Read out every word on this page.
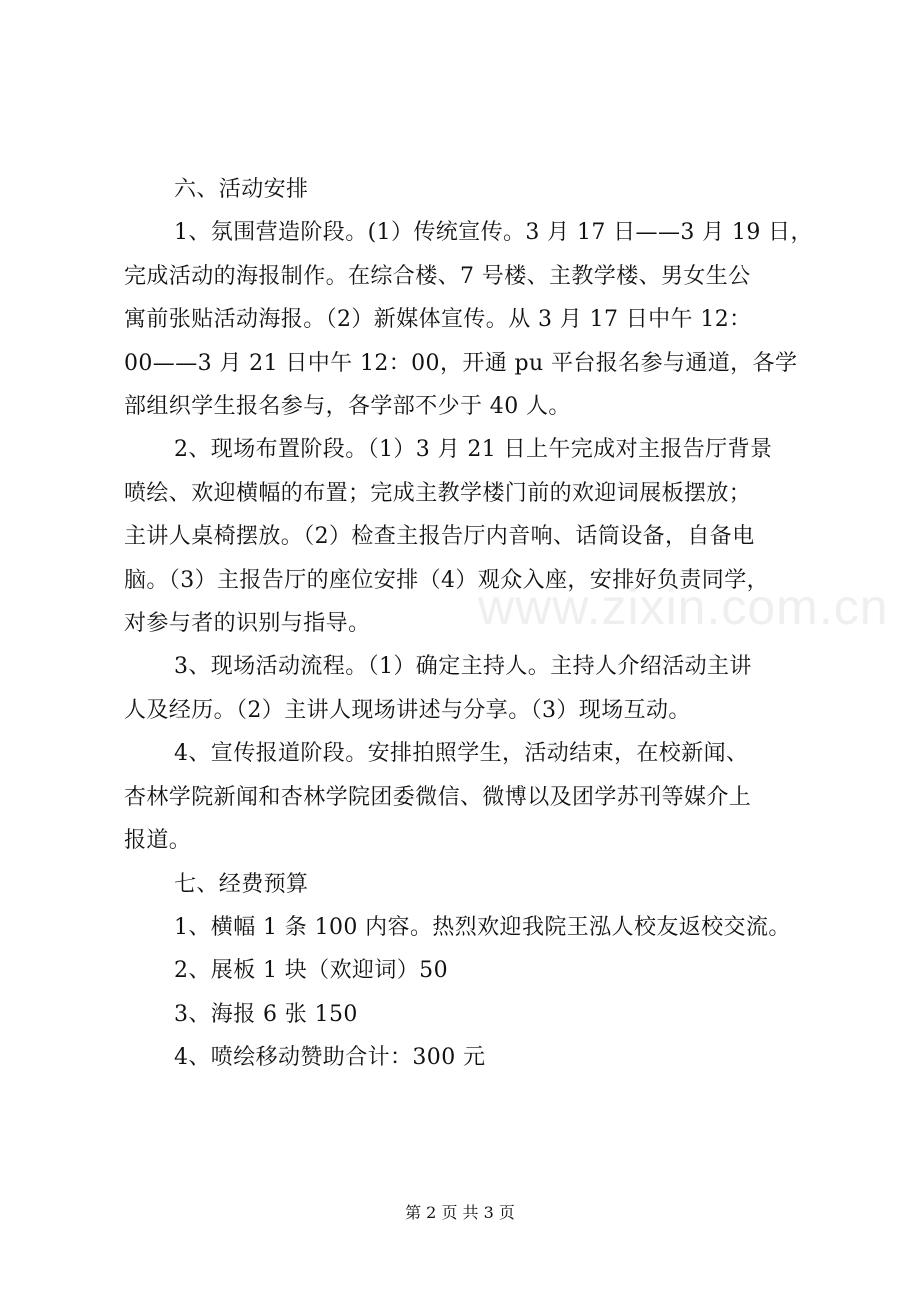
六、活动安排

1、氛围营造阶段。(1）传统宣传。3 月 17 日——3 月 19 日，

完成活动的海报制作。在综合楼、7 号楼、主教学楼、男女生公

寓前张贴活动海报。（2）新媒体宣传。从 3 月 17 日中午 12：

00——3 月 21 日中午 12：00，开通 pu 平台报名参与通道，各学

部组织学生报名参与，各学部不少于 40 人。

2、现场布置阶段。（1）3 月 21 日上午完成对主报告厅背景

喷绘、欢迎横幅的布置；完成主教学楼门前的欢迎词展板摆放；

主讲人桌椅摆放。（2）检查主报告厅内音响、话筒设备，自备电

脑。（3）主报告厅的座位安排（4）观众入座，安排好负责同学，

对参与者的识别与指导。

3、现场活动流程。（1）确定主持人。主持人介绍活动主讲

人及经历。（2）主讲人现场讲述与分享。（3）现场互动。

4、宣传报道阶段。安排拍照学生，活动结束，在校新闻、

杏林学院新闻和杏林学院团委微信、微博以及团学苏刊等媒介上

报道。

七、经费预算

1、横幅 1 条 100 内容。热烈欢迎我院王泓人校友返校交流。

2、展板 1 块（欢迎词）50

3、海报 6 张 150

4、喷绘移动赞助合计：300 元

www.zixin.com.cn
第 2 页 共 3 页
